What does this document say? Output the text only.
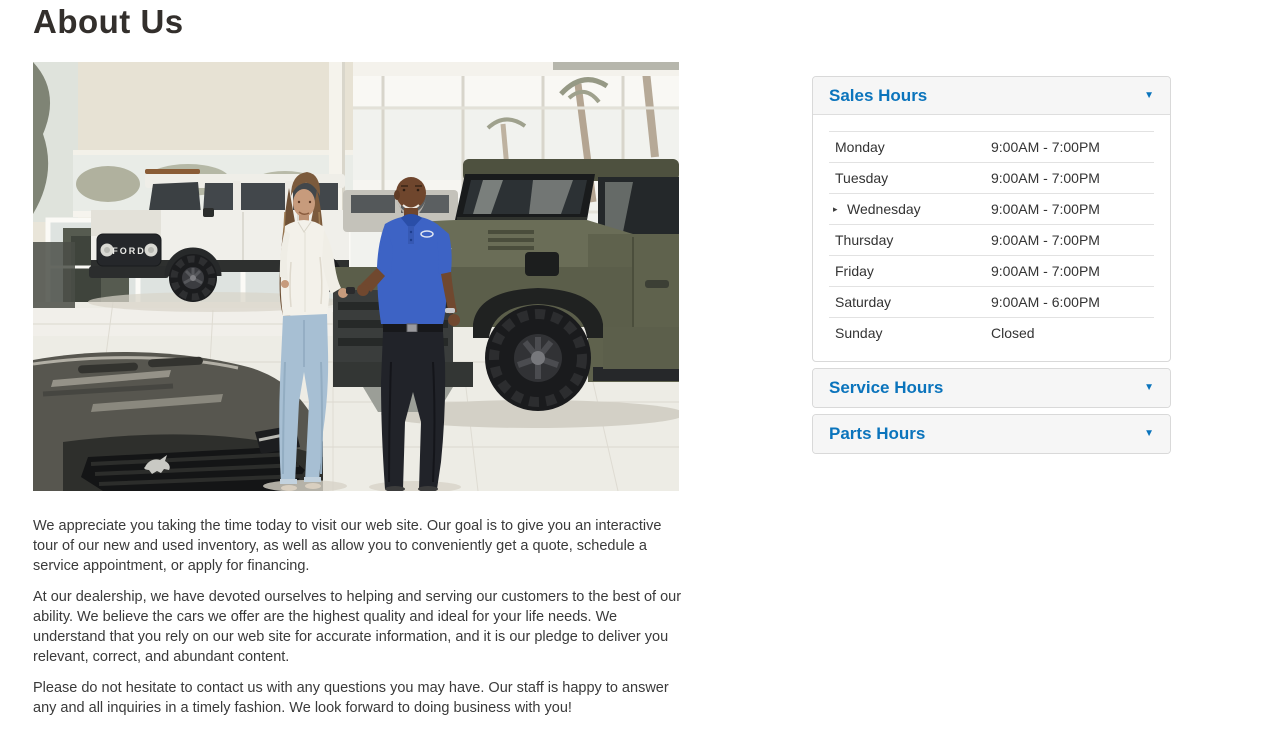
About Us
FORD

We appreciate you taking the time today to visit our web site. Our goal is to give you an interactive tour of our new and used inventory, as well as allow you to conveniently get a quote, schedule a service appointment, or apply for financing.

At our dealership, we have devoted ourselves to helping and serving our customers to the best of our ability. We believe the cars we offer are the highest quality and ideal for your life needs. We understand that you rely on our web site for accurate information, and it is our pledge to deliver you relevant, correct, and abundant content.

Please do not hesitate to contact us with any questions you may have. Our staff is happy to answer any and all inquiries in a timely fashion. We look forward to doing business with you!

Sales Hours	▼
Monday	9:00AM - 7:00PM
Tuesday	9:00AM - 7:00PM
▸ Wednesday	9:00AM - 7:00PM
Thursday	9:00AM - 7:00PM
Friday	9:00AM - 7:00PM
Saturday	9:00AM - 6:00PM
Sunday	Closed
Service Hours	▼
Parts Hours	▼
